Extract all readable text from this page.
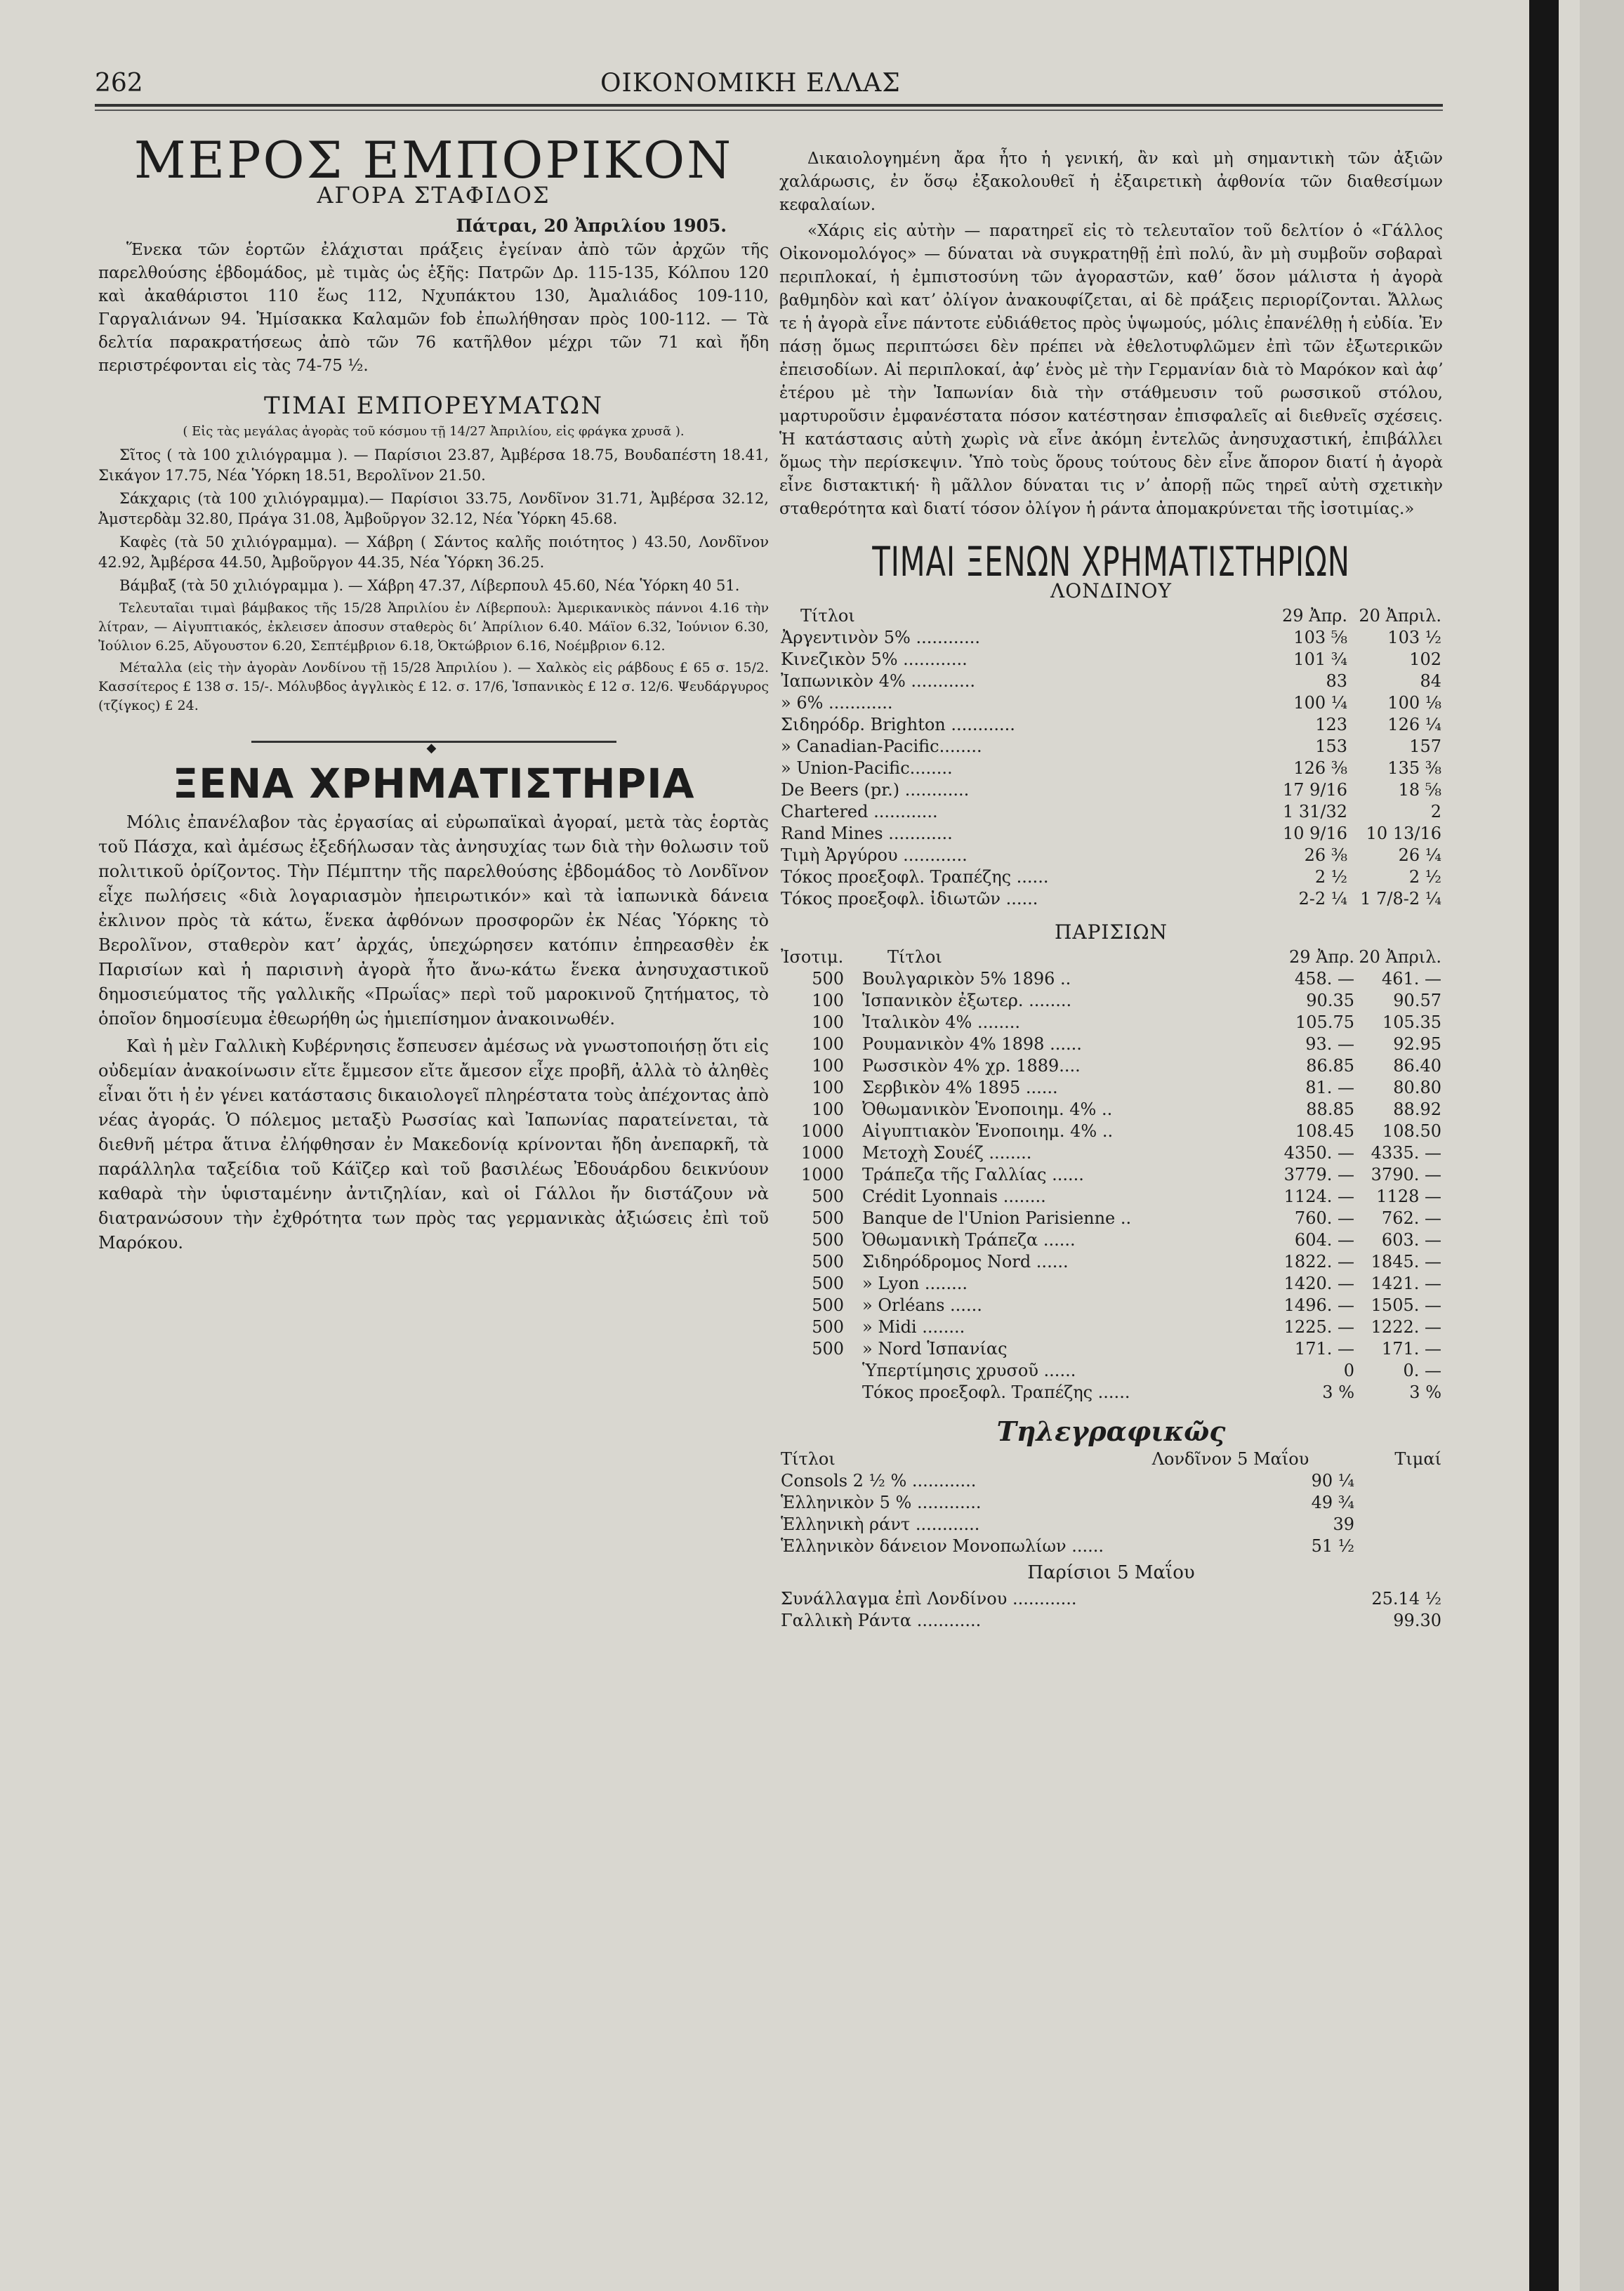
262	ΟΙΚΟΝΟΜΙΚΗ ΕΛΛΑΣ
ΜΕΡΟΣ ΕΜΠΟΡΙΚΟΝ
ΑΓΟΡΑ ΣΤΑΦΙΔΟΣ
Πάτραι, 20 Ἀπριλίου 1905.
Ἕνεκα τῶν ἑορτῶν ἐλάχισται πράξεις ἐγείναν ἀπὸ τῶν ἀρχῶν τῆς παρελθούσης ἑβδομάδος, μὲ τιμὰς ὡς ἑξῆς: Πατρῶν Δρ. 115-135, Κόλπου 120 καὶ ἀκαθάριστοι 110 ἕως 112, Νχυπάκτου 130, Ἀμαλιάδος 109-110, Γαργαλιάνων 94. Ἡμίσακκα Καλαμῶν fob ἐπωλήθησαν πρὸς 100-112. — Τὰ δελτία παρακρατήσεως ἀπὸ τῶν 76 κατῆλθον μέχρι τῶν 71 καὶ ἤδη περιστρέφονται εἰς τὰς 74-75 ½.
ΤΙΜΑΙ ΕΜΠΟΡΕΥΜΑΤΩΝ
( Εἰς τὰς μεγάλας ἀγορὰς τοῦ κόσμου τῇ 14/27 Ἀπριλίου, εἰς φράγκα χρυσᾶ ).
Σῖτος ( τὰ 100 χιλιόγραμμα ). — Παρίσιοι 23.87, Ἀμβέρσα 18.75, Βουδαπέστη 18.41, Σικάγον 17.75, Νέα Ὑόρκη 18.51, Βερολῖνον 21.50.
Σάκχαρις (τὰ 100 χιλιόγραμμα).— Παρίσιοι 33.75, Λονδῖνον 31.71, Ἀμβέρσα 32.12, Ἀμστερδὰμ 32.80, Πράγα 31.08, Ἀμβοῦργον 32.12, Νέα Ὑόρκη 45.68.
Καφὲς (τὰ 50 χιλιόγραμμα). — Χάβρη ( Σάντος καλῆς ποιότητος ) 43.50, Λονδῖνον 42.92, Ἀμβέρσα 44.50, Ἀμβοῦργον 44.35, Νέα Ὑόρκη 36.25.
Βάμβαξ (τὰ 50 χιλιόγραμμα ). — Χάβρη 47.37, Λίβερπουλ 45.60, Νέα Ὑόρκη 40 51.
Τελευταῖαι τιμαὶ βάμβακος τῆς 15/28 Ἀπριλίου ἐν Λίβερπουλ: Ἀμερικανικὸς πάννοι 4.16 τὴν λίτραν, — Αἰγυπτιακός, ἐκλεισεν ἀποσυν σταθερὸς διʼ Ἀπρίλιον 6.40. Μάϊον 6.32, Ἰούνιον 6.30, Ἰούλιον 6.25, Αὔγουστον 6.20, Σεπτέμβριον 6.18, Ὀκτώβριον 6.16, Νοέμβριον 6.12.
Μέταλλα (εἰς τὴν ἀγορὰν Λονδίνου τῇ 15/28 Ἀπριλίου ). — Χαλκὸς εἰς ράβδους £ 65 σ. 15/2. Κασσίτερος £ 138 σ. 15/-. Μόλυβδος ἀγγλικὸς £ 12. σ. 17/6, Ἱσπανικὸς £ 12 σ. 12/6. Ψευδάργυρος (τζίγκος) £ 24.
◆
ΞΕΝΑ ΧΡΗΜΑΤΙΣΤΗΡΙΑ
Μόλις ἐπανέλαβον τὰς ἐργασίας αἱ εὐρωπαϊκαὶ ἀγοραί, μετὰ τὰς ἑορτὰς τοῦ Πάσχα, καὶ ἀμέσως ἐξεδήλωσαν τὰς ἀνησυχίας των διὰ τὴν θολωσιν τοῦ πολιτικοῦ ὁρίζοντος. Τὴν Πέμπτην τῆς παρελθούσης ἑβδομάδος τὸ Λονδῖνον εἶχε πωλήσεις «διὰ λογαριασμὸν ἠπειρωτικόν» καὶ τὰ ἰαπωνικὰ δάνεια ἐκλινον πρὸς τὰ κάτω, ἕνεκα ἀφθόνων προσφορῶν ἐκ Νέας Ὑόρκης τὸ Βερολῖνον, σταθερὸν κατʼ ἀρχάς, ὑπεχώρησεν κατόπιν ἐπηρεασθὲν ἐκ Παρισίων καὶ ἡ παρισινὴ ἀγορὰ ἦτο ἄνω-κάτω ἕνεκα ἀνησυχαστικοῦ δημοσιεύματος τῆς γαλλικῆς «Πρωΐας» περὶ τοῦ μαροκινοῦ ζητήματος, τὸ ὁποῖον δημοσίευμα ἐθεωρήθη ὡς ἡμιεπίσημον ἀνακοινωθέν.
Καὶ ἡ μὲν Γαλλικὴ Κυβέρνησις ἔσπευσεν ἀμέσως νὰ γνωστοποιήσῃ ὅτι εἰς οὐδεμίαν ἀνακοίνωσιν εἴτε ἔμμεσον εἴτε ἄμεσον εἶχε προβῆ, ἀλλὰ τὸ ἀληθὲς εἶναι ὅτι ἡ ἐν γένει κατάστασις δικαιολογεῖ πληρέστατα τοὺς ἀπέχοντας ἀπὸ νέας ἀγοράς. Ὁ πόλεμος μεταξὺ Ρωσσίας καὶ Ἰαπωνίας παρατείνεται, τὰ διεθνῆ μέτρα ἅτινα ἐλήφθησαν ἐν Μακεδονίᾳ κρίνονται ἤδη ἀνεπαρκῆ, τὰ παράλληλα ταξείδια τοῦ Κάϊζερ καὶ τοῦ βασιλέως Ἐδουάρδου δεικνύουν καθαρὰ τὴν ὑφισταμένην ἀντιζηλίαν, καὶ οἱ Γάλλοι ἤν διστάζουν νὰ διατρανώσουν τὴν ἐχθρότητα των πρὸς τας γερμανικὰς ἀξιώσεις ἐπὶ τοῦ Μαρόκου.
Δικαιολογημένη ἄρα ἦτο ἡ γενική, ἂν καὶ μὴ σημαντικὴ τῶν ἀξιῶν χαλάρωσις, ἐν ὅσῳ ἐξακολουθεῖ ἡ ἐξαιρετικὴ ἀφθονία τῶν διαθεσίμων κεφαλαίων.
«Χάρις εἰς αὐτὴν — παρατηρεῖ εἰς τὸ τελευταῖον τοῦ δελτίον ὁ «Γάλλος Οἰκονομολόγος» — δύναται νὰ συγκρατηθῇ ἐπὶ πολύ, ἂν μὴ συμβοῦν σοβαραὶ περιπλοκαί, ἡ ἐμπιστοσύνη τῶν ἀγοραστῶν, καθʼ ὅσον μάλιστα ἡ ἀγορὰ βαθμηδὸν καὶ κατʼ ὀλίγον ἀνακουφίζεται, αἱ δὲ πράξεις περιορίζονται. Ἄλλως τε ἡ ἀγορὰ εἶνε πάντοτε εὐδιάθετος πρὸς ὑψωμούς, μόλις ἐπανέλθῃ ἡ εὐδία. Ἐν πάσῃ ὅμως περιπτώσει δὲν πρέπει νὰ ἐθελοτυφλῶμεν ἐπὶ τῶν ἐξωτερικῶν ἐπεισοδίων. Αἱ περιπλοκαί, ἀφʼ ἑνὸς μὲ τὴν Γερμανίαν διὰ τὸ Μαρόκον καὶ ἀφʼ ἑτέρου μὲ τὴν Ἰαπωνίαν διὰ τὴν στάθμευσιν τοῦ ρωσσικοῦ στόλου, μαρτυροῦσιν ἐμφανέστατα πόσον κατέστησαν ἐπισφαλεῖς αἱ διεθνεῖς σχέσεις. Ἡ κατάστασις αὐτὴ χωρὶς νὰ εἶνε ἀκόμη ἐντελῶς ἀνησυχαστική, ἐπιβάλλει ὅμως τὴν περίσκεψιν. Ὑπὸ τοὺς ὅρους τούτους δὲν εἶνε ἄπορον διατί ἡ ἀγορὰ εἶνε διστακτική· ἢ μᾶλλον δύναται τις νʼ ἀπορῇ πῶς τηρεῖ αὐτὴ σχετικὴν σταθερότητα καὶ διατί τόσον ὀλίγον ἡ ράντα ἀπομακρύνεται τῆς ἰσοτιμίας.»
ΤΙΜΑΙ ΞΕΝΩΝ ΧΡΗΜΑΤΙΣΤΗΡΙΩΝ
ΛΟΝΔΙΝΟΥ
Τίτλοι	29 Ἀπρ.	20 Ἀπριλ.
Ἀργεντινὸν 5% ............	103 ⅝	103 ½
Κινεζικὸν 5% ............	101 ¾	102
Ἰαπωνικὸν 4% ............	83	84
» 6% ............	100 ¼	100 ⅛
Σιδηρόδρ. Brighton ............	123	126 ¼
» Canadian-Pacific........	153	157
» Union-Pacific........	126 ⅜	135 ⅜
De Beers (pr.) ............	17 9/16	18 ⅝
Chartered ............	1 31/32	2
Rand Mines ............	10 9/16	10 13/16
Τιμὴ Ἀργύρου ............	26 ⅜	26 ¼
Τόκος προεξοφλ. Τραπέζης ......	2 ½	2 ½
Τόκος προεξοφλ. ἰδιωτῶν ......	2-2 ¼	1 7/8-2 ¼
ΠΑΡΙΣΙΩΝ
Ἰσοτιμ.	Τίτλοι	29 Ἀπρ.	20 Ἀπριλ.
500	Βουλγαρικὸν 5% 1896 ..	458. —	461. —
100	Ἱσπανικὸν ἐξωτερ. ........	90.35	90.57
100	Ἰταλικὸν 4% ........	105.75	105.35
100	Ρουμανικὸν 4% 1898 ......	93. —	92.95
100	Ρωσσικὸν 4% χρ. 1889....	86.85	86.40
100	Σερβικὸν 4% 1895 ......	81. —	80.80
100	Ὀθωμανικὸν Ἑνοποιημ. 4% ..	88.85	88.92
1000	Αἰγυπτιακὸν Ἑνοποιημ. 4% ..	108.45	108.50
1000	Μετοχὴ Σουέζ ........	4350. —	4335. —
1000	Τράπεζα τῆς Γαλλίας ......	3779. —	3790. —
500	Crédit Lyonnais ........	1124. —	1128 —
500	Banque de l'Union Parisienne ..	760. —	762. —
500	Ὀθωμανικὴ Τράπεζα ......	604. —	603. —
500	Σιδηρόδρομος Nord ......	1822. —	1845. —
500	» Lyon ........	1420. —	1421. —
500	» Orléans ......	1496. —	1505. —
500	» Midi ........	1225. —	1222. —
500	» Nord Ἱσπανίας	171. —	171. —
	Ὑπερτίμησις χρυσοῦ ......	0	0. —
	Τόκος προεξοφλ. Τραπέζης ......	3 %	3 %
Τηλεγραφικῶς
Τίτλοι	Λονδῖνον 5 Μαΐου	Τιμαί
Consols 2 ½ % ............	90 ¼	
Ἑλληνικὸν 5 % ............	49 ¾	
Ἑλληνικὴ ράντ ............	39	
Ἑλληνικὸν δάνειον Μονοπωλίων ......	51 ½	
Παρίσιοι 5 Μαΐου
Συνάλλαγμα ἐπὶ Λονδίνου ............	25.14 ½
Γαλλικὴ Ράντα ............	99.30
